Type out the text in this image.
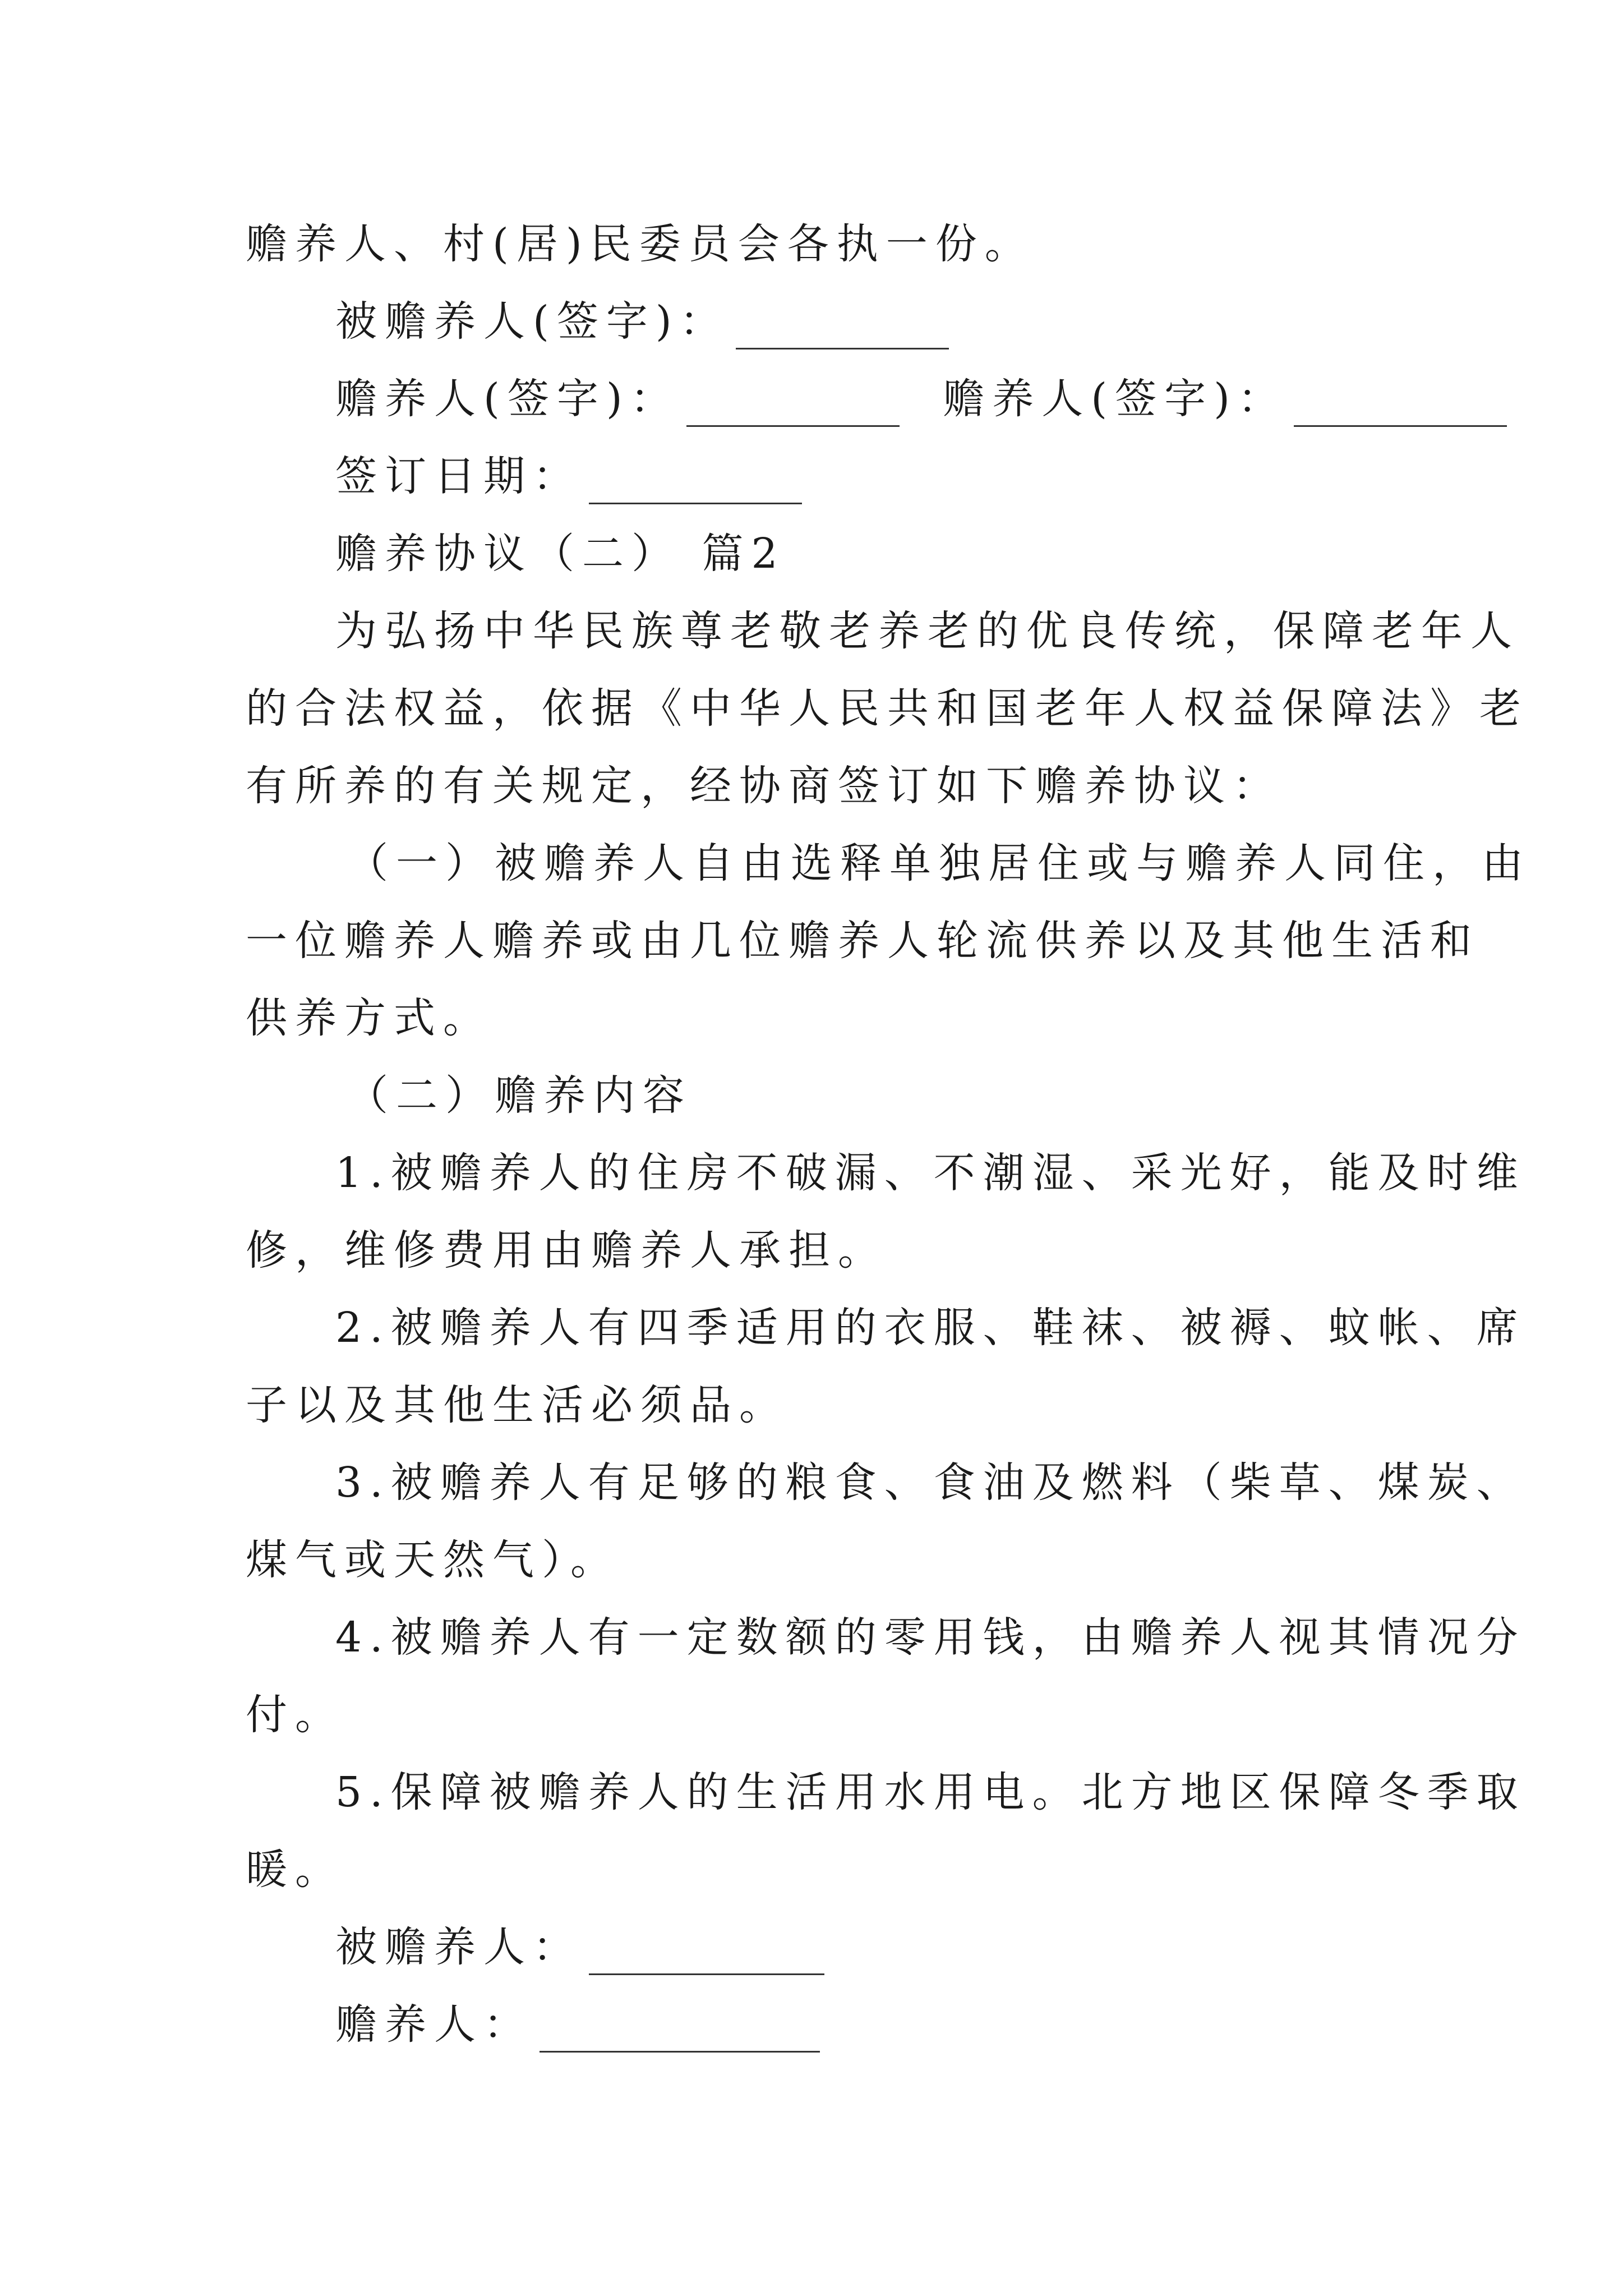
赡养人、村(居)民委员会各执一份。
被赡养人(签字)：
赡养人(签字)：	赡养人(签字)：
签订日期：
赡养协议（二） 篇2
为弘扬中华民族尊老敬老养老的优良传统，保障老年人
的合法权益，依据《中华人民共和国老年人权益保障法》老
有所养的有关规定，经协商签订如下赡养协议：
（一）被赡养人自由选释单独居住或与赡养人同住，由
一位赡养人赡养或由几位赡养人轮流供养以及其他生活和
供养方式。
（二）赡养内容
1.被赡养人的住房不破漏、不潮湿、采光好，能及时维
修，维修费用由赡养人承担。
2.被赡养人有四季适用的衣服、鞋袜、被褥、蚊帐、席
子以及其他生活必须品。
3.被赡养人有足够的粮食、食油及燃料（柴草、煤炭、
煤气或天然气）。
4.被赡养人有一定数额的零用钱，由赡养人视其情况分
付。
5.保障被赡养人的生活用水用电。北方地区保障冬季取
暖。
被赡养人：
赡养人：
